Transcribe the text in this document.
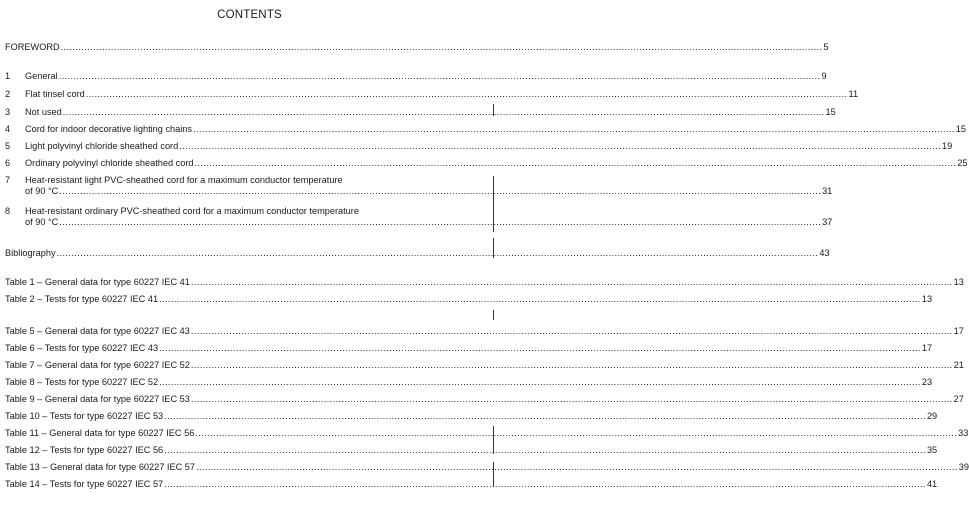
CONTENTS
FOREWORD .....	5
1	General .....	9
2	Flat tinsel cord .....	11
3	Not used .....	15
4	Cord for indoor decorative lighting chains .....	15
5	Light polyvinyl chloride sheathed cord .....	19
6	Ordinary polyvinyl chloride sheathed cord .....	25
7	Heat-resistant light PVC-sheathed cord for a maximum conductor temperature
of 90 °C .....	31
8	Heat-resistant ordinary PVC-sheathed cord for a maximum conductor temperature
of 90 °C .....	37
Bibliography .....	43
Table 1 – General data for type 60227 IEC 41 .....	13
Table 2 – Tests for type 60227 IEC 41 .....	13
Table 5 – General data for type 60227 IEC 43 .....	17
Table 6 – Tests for type 60227 IEC 43 .....	17
Table 7 – General data for type 60227 IEC 52 .....	21
Table 8 – Tests for type 60227 IEC 52 .....	23
Table 9 – General data for type 60227 IEC 53 .....	27
Table 10 – Tests for type 60227 IEC 53 .....	29
Table 11 – General data for type 60227 IEC 56 .....	33
Table 12 – Tests for type 60227 IEC 56 .....	35
Table 13 – General data for type 60227 IEC 57 .....	39
Table 14 – Tests for type 60227 IEC 57 .....	41
